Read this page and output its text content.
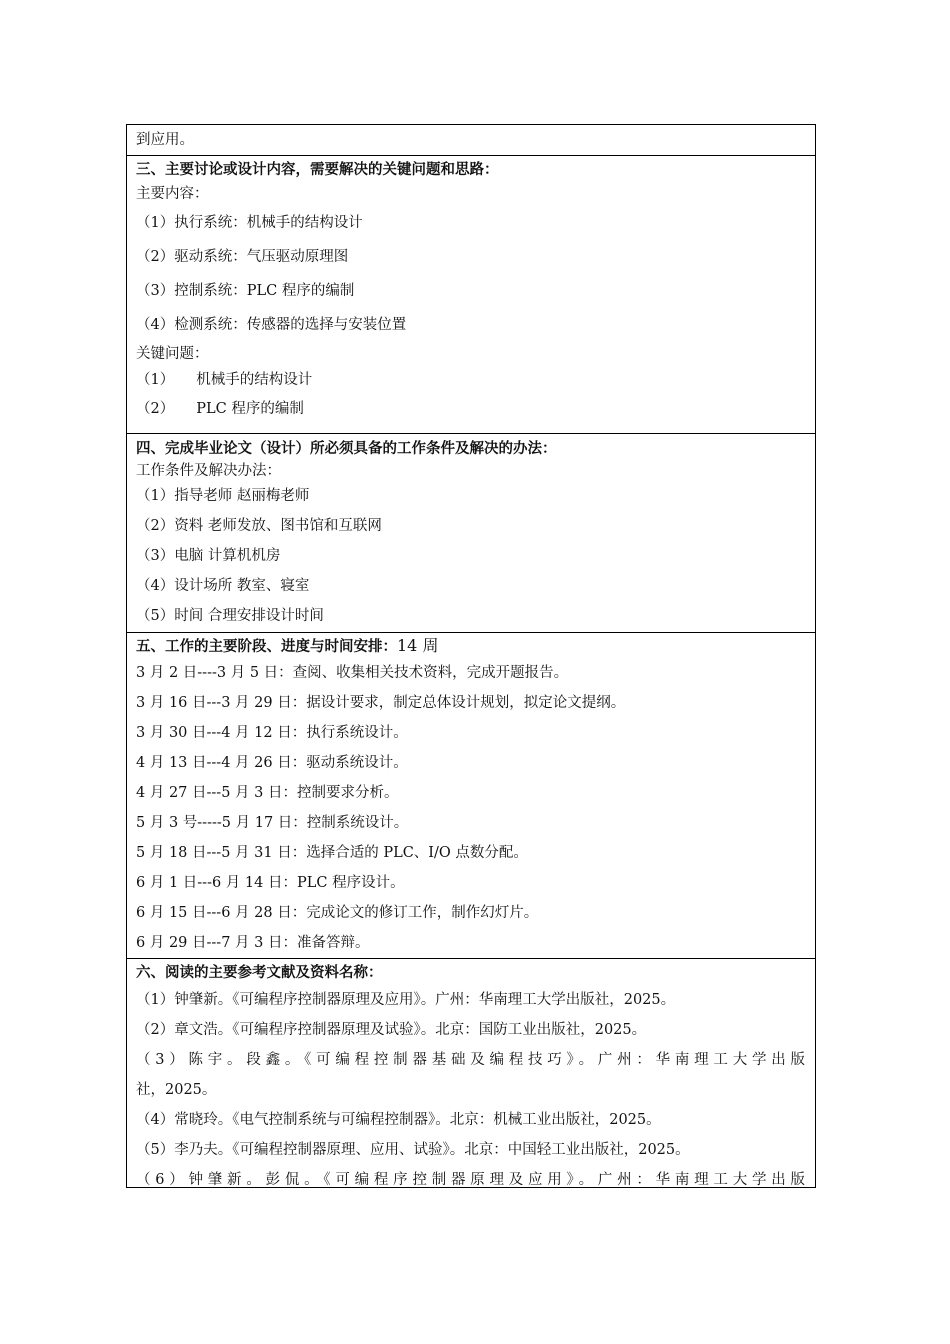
到应用。
三、主要讨论或设计内容，需要解决的关键问题和思路：
主要内容：
（1）执行系统：机械手的结构设计
（2）驱动系统：气压驱动原理图
（3）控制系统：PLC 程序的编制
（4）检测系统：传感器的选择与安装位置
关键问题：
（1） 机械手的结构设计
（2） PLC 程序的编制
四、完成毕业论文（设计）所必须具备的工作条件及解决的办法：
工作条件及解决办法：
（1）指导老师 赵丽梅老师
（2）资料 老师发放、图书馆和互联网
（3）电脑 计算机机房
（4）设计场所 教室、寝室
（5）时间 合理安排设计时间
五、工作的主要阶段、进度与时间安排：14 周
3 月 2 日----3 月 5 日：查阅、收集相关技术资料，完成开题报告。
3 月 16 日---3 月 29 日：据设计要求，制定总体设计规划，拟定论文提纲。
3 月 30 日---4 月 12 日：执行系统设计。
4 月 13 日---4 月 26 日：驱动系统设计。
4 月 27 日---5 月 3 日：控制要求分析。
5 月 3 号-----5 月 17 日：控制系统设计。
5 月 18 日---5 月 31 日：选择合适的 PLC、I/O 点数分配。
6 月 1 日---6 月 14 日：PLC 程序设计。
6 月 15 日---6 月 28 日：完成论文的修订工作，制作幻灯片。
6 月 29 日---7 月 3 日：准备答辩。
六、阅读的主要参考文献及资料名称：
（1）钟肇新。《可编程序控制器原理及应用》。广州：华南理工大学出版社，2025。
（2）章文浩。《可编程序控制器原理及试验》。北京：国防工业出版社，2025。
（3）陈宇。段鑫。《可编程控制器基础及编程技巧》。广州：华南理工大学出版
社，2025。
（4）常晓玲。《电气控制系统与可编程控制器》。北京：机械工业出版社，2025。
（5）李乃夫。《可编程控制器原理、应用、试验》。北京：中国轻工业出版社，2025。
（6）钟肇新。彭侃。《可编程序控制器原理及应用》。广州：华南理工大学出版
